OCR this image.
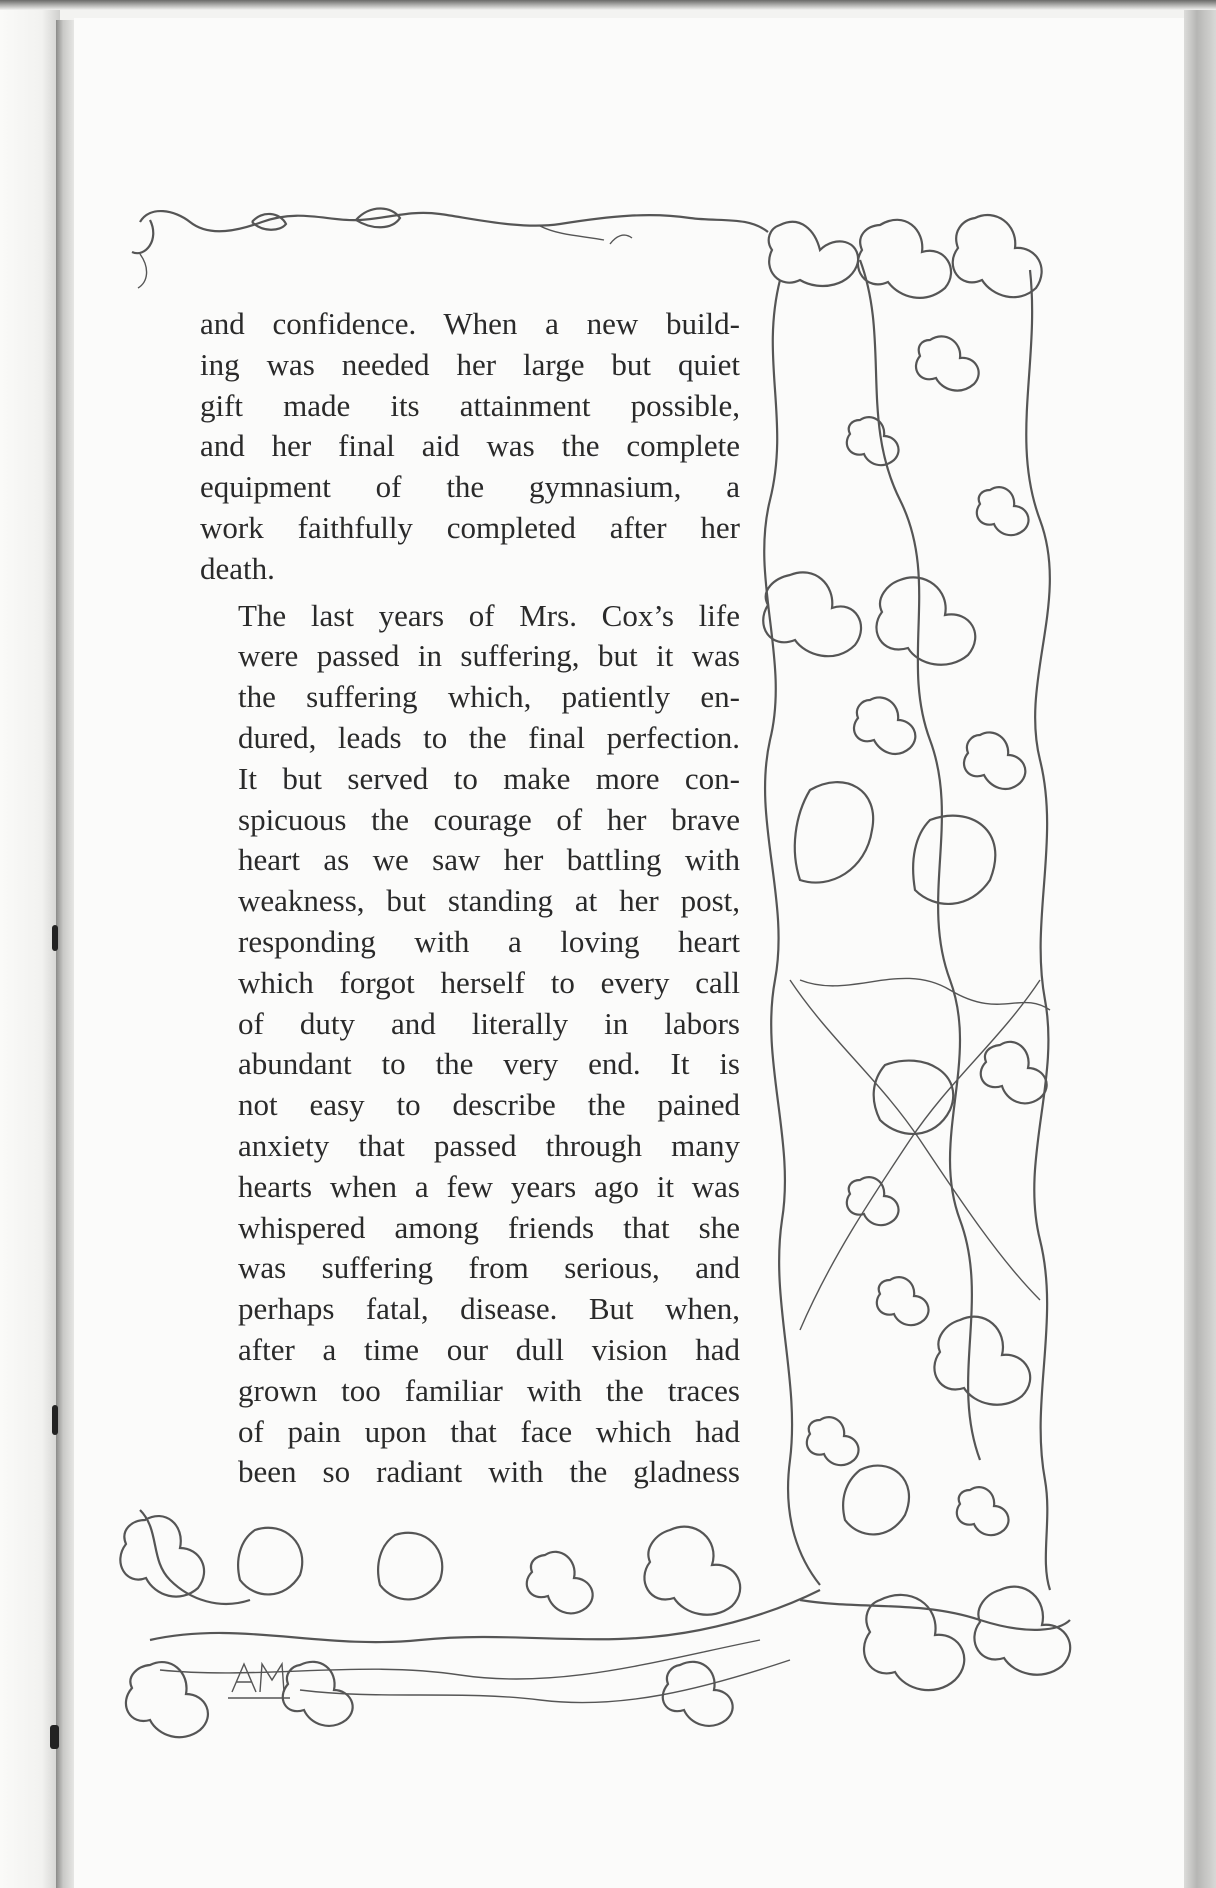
and confidence. When a new build-
ing was needed her large but quiet
gift made its attainment possible,
and her final aid was the complete
equipment of the gymnasium, a
work faithfully completed after her
death.

The last years of Mrs. Cox’s life
were passed in suffering, but it was
the suffering which, patiently en-
dured, leads to the final perfection.
It but served to make more con-
spicuous the courage of her brave
heart as we saw her battling with
weakness, but standing at her post,
responding with a loving heart
which forgot herself to every call
of duty and literally in labors
abundant to the very end. It is
not easy to describe the pained
anxiety that passed through many
hearts when a few years ago it was
whispered among friends that she
was suffering from serious, and
perhaps fatal, disease. But when,
after a time our dull vision had
grown too familiar with the traces
of pain upon that face which had
been so radiant with the gladness
